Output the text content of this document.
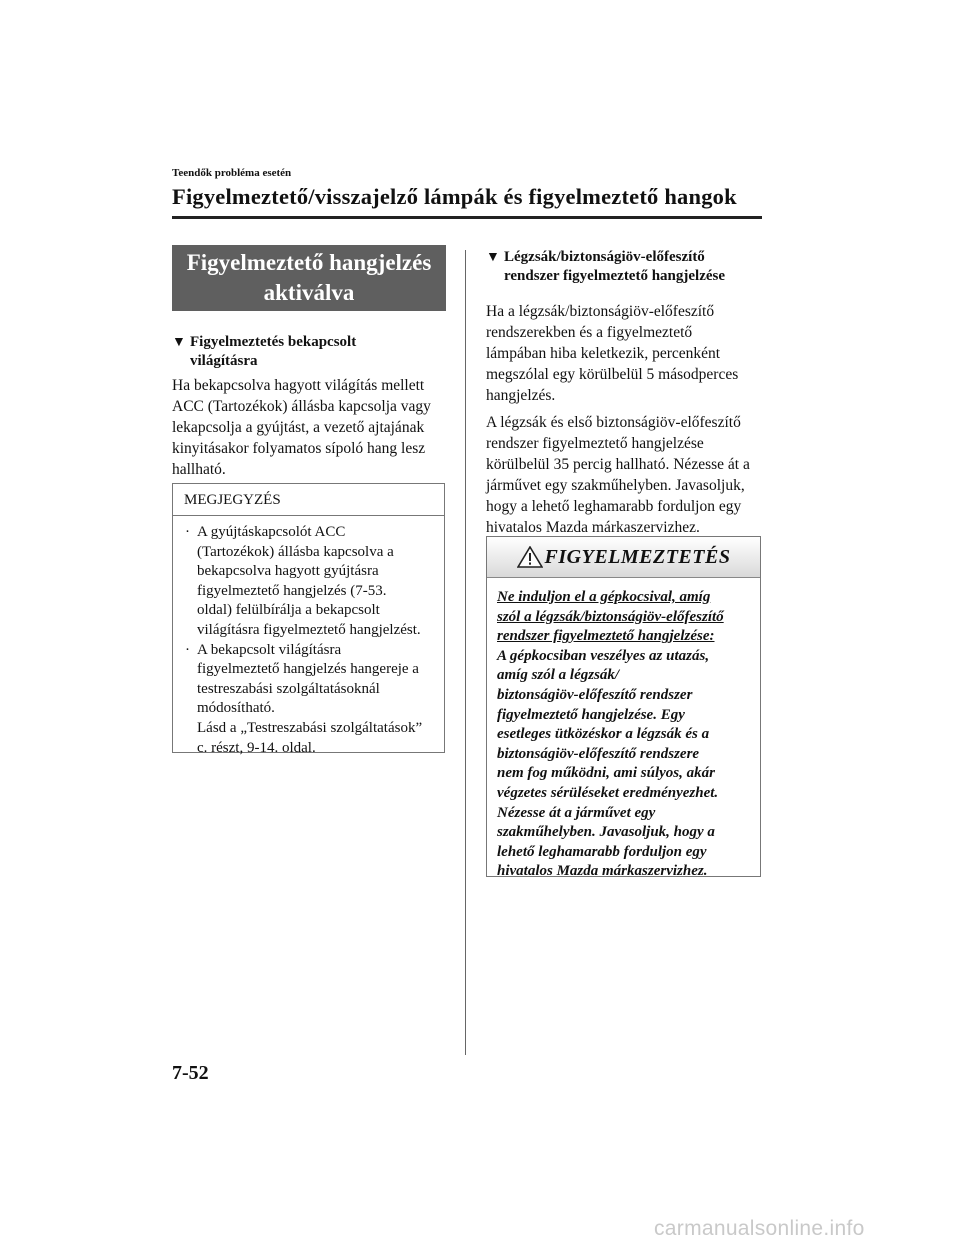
Teendők probléma esetén
Figyelmeztető/visszajelző lámpák és figyelmeztető hangok
Figyelmeztető hangjelzés
aktiválva
▼ Figyelmeztetés bekapcsolt
világításra
Ha bekapcsolva hagyott világítás mellett
ACC (Tartozékok) állásba kapcsolja vagy
lekapcsolja a gyújtást, a vezető ajtajának
kinyitásakor folyamatos sípoló hang lesz
hallható.
MEGJEGYZÉS
· A gyújtáskapcsolót ACC
(Tartozékok) állásba kapcsolva a
bekapcsolva hagyott gyújtásra
figyelmeztető hangjelzés (7-53.
oldal) felülbírálja a bekapcsolt
világításra figyelmeztető hangjelzést.
· A bekapcsolt világításra
figyelmeztető hangjelzés hangereje a
testreszabási szolgáltatásoknál
módosítható.
Lásd a „Testreszabási szolgáltatások”
c. részt, 9-14. oldal.
▼ Légzsák/biztonságiöv-előfeszítő
rendszer figyelmeztető hangjelzése
Ha a légzsák/biztonságiöv-előfeszítő
rendszerekben és a figyelmeztető
lámpában hiba keletkezik, percenként
megszólal egy körülbelül 5 másodperces
hangjelzés.
A légzsák és első biztonságiöv-előfeszítő
rendszer figyelmeztető hangjelzése
körülbelül 35 percig hallható. Nézesse át a
járművet egy szakműhelyben. Javasoljuk,
hogy a lehető leghamarabb forduljon egy
hivatalos Mazda márkaszervizhez.
FIGYELMEZTETÉS
Ne induljon el a gépkocsival, amíg
szól a légzsák/biztonságiöv-előfeszítő
rendszer figyelmeztető hangjelzése:
A gépkocsiban veszélyes az utazás,
amíg szól a légzsák/
biztonságiöv-előfeszítő rendszer
figyelmeztető hangjelzése. Egy
esetleges ütközéskor a légzsák és a
biztonságiöv-előfeszítő rendszere
nem fog működni, ami súlyos, akár
végzetes sérüléseket eredményezhet.
Nézesse át a járművet egy
szakműhelyben. Javasoljuk, hogy a
lehető leghamarabb forduljon egy
hivatalos Mazda márkaszervizhez.
7-52
carmanualsonline.info
